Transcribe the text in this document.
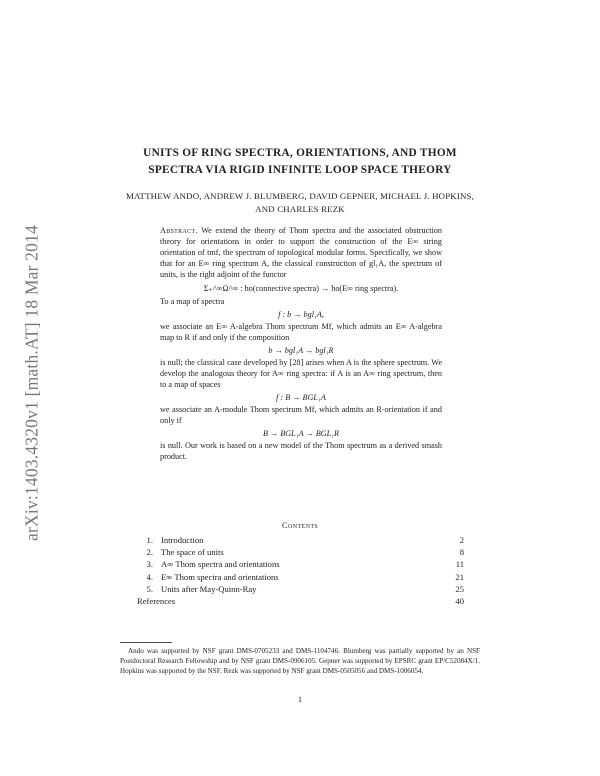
arXiv:1403.4320v1 [math.AT] 18 Mar 2014
UNITS OF RING SPECTRA, ORIENTATIONS, AND THOM
SPECTRA VIA RIGID INFINITE LOOP SPACE THEORY
MATTHEW ANDO, ANDREW J. BLUMBERG, DAVID GEPNER, MICHAEL J. HOPKINS,
AND CHARLES REZK

Abstract. We extend the theory of Thom spectra and the associated obstruction theory for orientations in order to support the construction of the E∞ string orientation of tmf, the spectrum of topological modular forms. Specifically, we show that for an E∞ ring spectrum A, the classical construction of gl₁A, the spectrum of units, is the right adjoint of the functor

Σ₊^∞Ω^∞ : ho(connective spectra) → ho(E∞ ring spectra).

To a map of spectra

f : b → bgl₁A,

we associate an E∞ A-algebra Thom spectrum Mf, which admits an E∞ A-algebra map to R if and only if the composition

b → bgl₁A → bgl₁R

is null; the classical case developed by [28] arises when A is the sphere spectrum. We develop the analogous theory for A∞ ring spectra: if A is an A∞ ring spectrum, then to a map of spaces

f : B → BGL₁A

we associate an A-module Thom spectrum Mf, which admits an R-orientation if and only if

B → BGL₁A → BGL₁R

is null. Our work is based on a new model of the Thom spectrum as a derived smash product.

Contents
1. Introduction	2
2. The space of units	8
3. A∞ Thom spectra and orientations	11
4. E∞ Thom spectra and orientations	21
5. Units after May-Quinn-Ray	25
References	40

Ando was supported by NSF grant DMS-0705233 and DMS-1104746. Blumberg was partially supported by an NSF Postdoctoral Research Fellowship and by NSF grant DMS-0906105. Gepner was supported by EPSRC grant EP/C52084X/1. Hopkins was supported by the NSF. Rezk was supported by NSF grant DMS-0505056 and DMS-1006054.

1
